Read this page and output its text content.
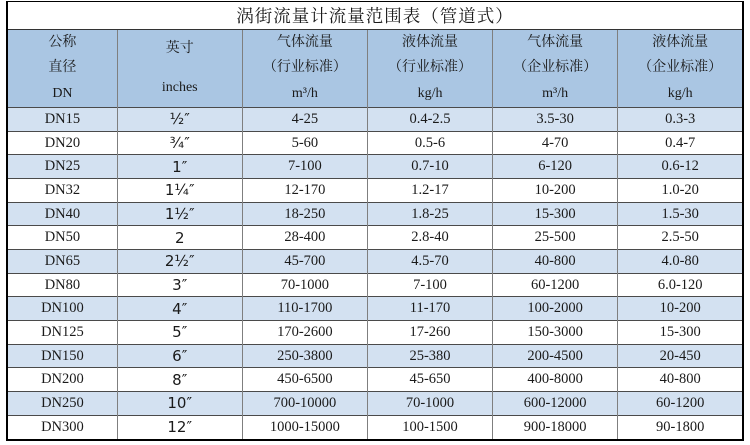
涡街流量计流量范围表（管道式）
公称
直径
DN

英寸
inches

气体流量
（行业标准）
m³/h

液体流量
（行业标准）
kg/h

气体流量
（企业标准）
m³/h

液体流量
（企业标准）
kg/h

DN15	½″	4-25	0.4-2.5	3.5-30	0.3-3
DN20	¾″	5-60	0.5-6	4-70	0.4-7
DN25	1″	7-100	0.7-10	6-120	0.6-12
DN32	1¼″	12-170	1.2-17	10-200	1.0-20
DN40	1½″	18-250	1.8-25	15-300	1.5-30
DN50	2	28-400	2.8-40	25-500	2.5-50
DN65	2½″	45-700	4.5-70	40-800	4.0-80
DN80	3″	70-1000	7-100	60-1200	6.0-120
DN100	4″	110-1700	11-170	100-2000	10-200
DN125	5″	170-2600	17-260	150-3000	15-300
DN150	6″	250-3800	25-380	200-4500	20-450
DN200	8″	450-6500	45-650	400-8000	40-800
DN250	10″	700-10000	70-1000	600-12000	60-1200
DN300	12″	1000-15000	100-1500	900-18000	90-1800
